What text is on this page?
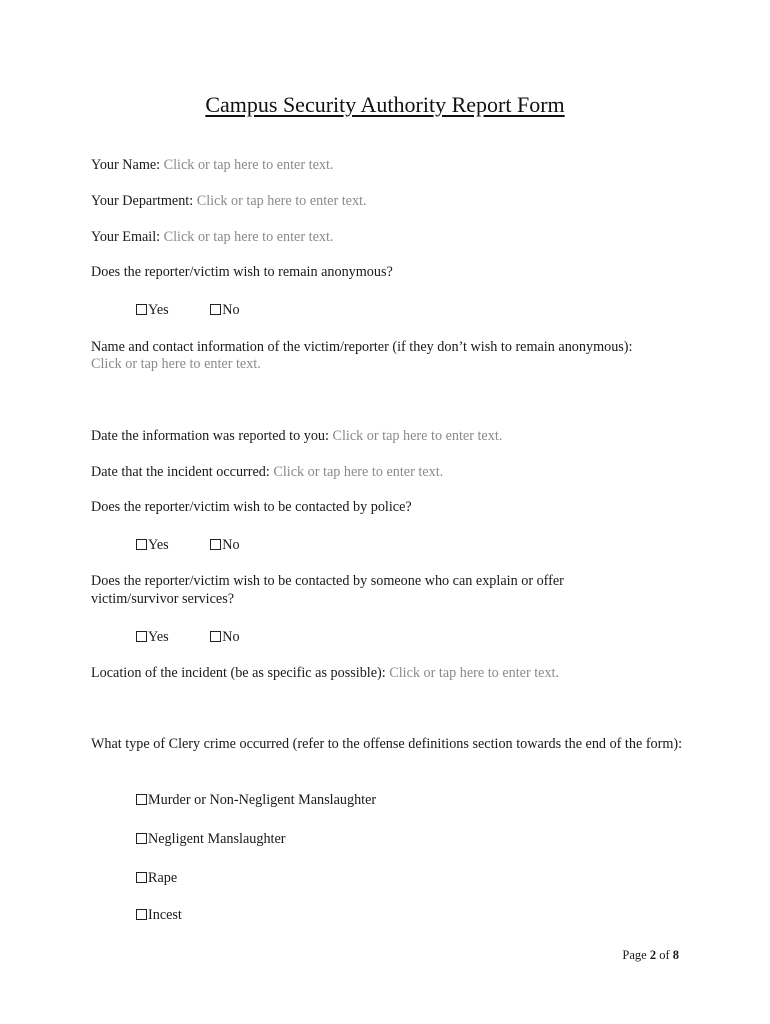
Campus Security Authority Report Form
Your Name: Click or tap here to enter text.
Your Department: Click or tap here to enter text.
Your Email: Click or tap here to enter text.
Does the reporter/victim wish to remain anonymous?
Yes	No
Name and contact information of the victim/reporter (if they don’t wish to remain anonymous):
Click or tap here to enter text.
Date the information was reported to you: Click or tap here to enter text.
Date that the incident occurred: Click or tap here to enter text.
Does the reporter/victim wish to be contacted by police?
Yes	No
Does the reporter/victim wish to be contacted by someone who can explain or offer victim/survivor services?
Yes	No
Location of the incident (be as specific as possible): Click or tap here to enter text.
What type of Clery crime occurred (refer to the offense definitions section towards the end of the form):
Murder or Non-Negligent Manslaughter
Negligent Manslaughter
Rape
Incest
Page 2 of 8
